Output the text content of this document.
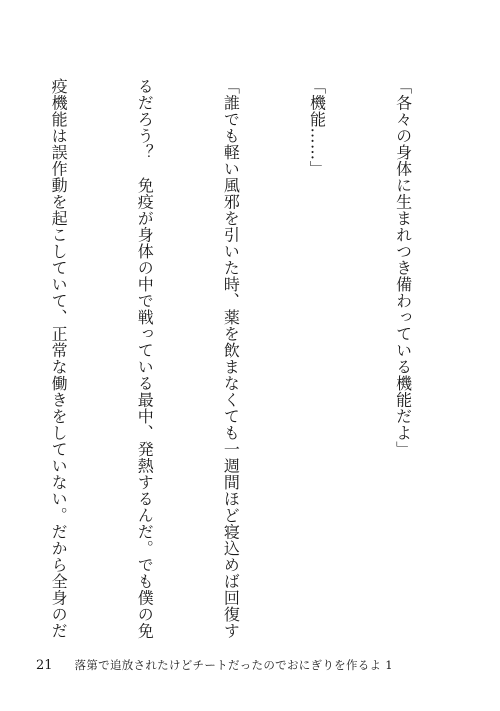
「各々の身体に生まれつき備わっている機能だよ」

「機能……」

「誰でも軽い風邪を引いた時、薬を飲まなくても一週間ほど寝込めば回復す

るだろう？　免疫が身体の中で戦っている最中、発熱するんだ。でも僕の免

疫機能は誤作動を起こしていて、正常な働きをしていない。だから全身のだ

21 落第で追放されたけどチートだったのでおにぎりを作るよ 1
